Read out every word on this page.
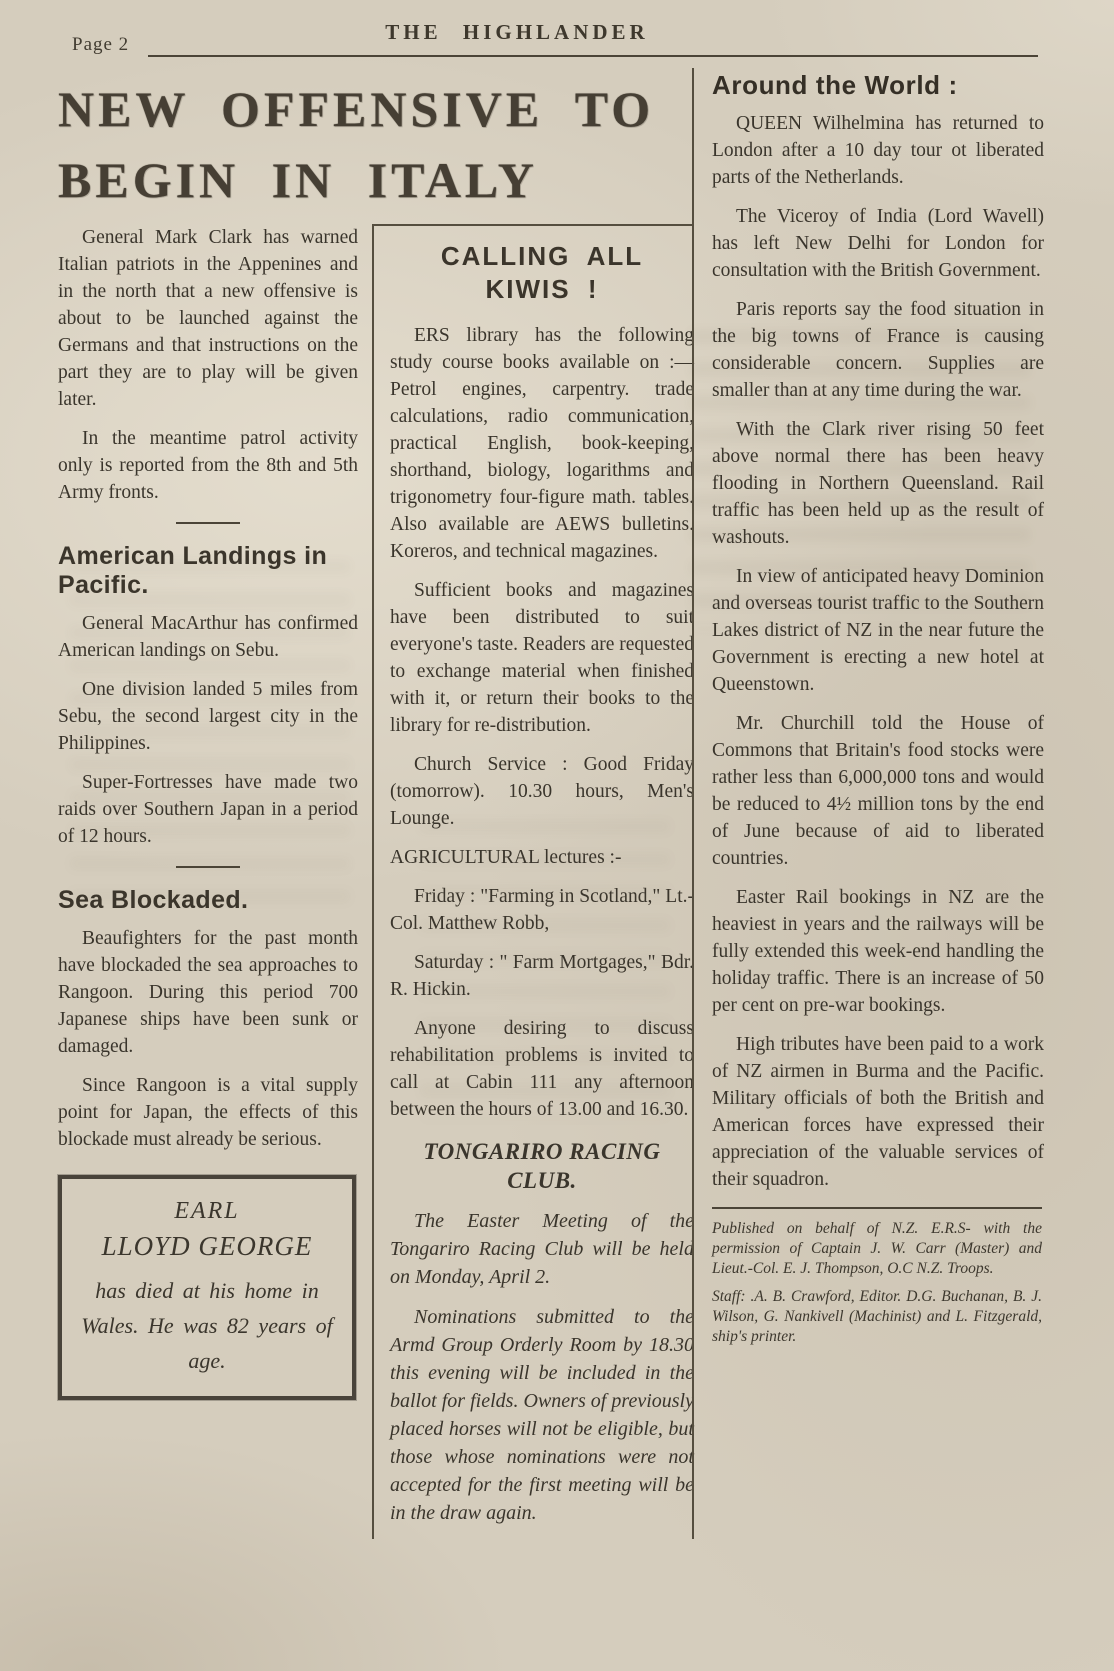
Page 2
THE HIGHLANDER
NEW OFFENSIVE TO
BEGIN IN ITALY

General Mark Clark has warned Italian patriots in the Appenines and in the north that a new offensive is about to be launched against the Germans and that instructions on the part they are to play will be given later.

In the meantime patrol activity only is reported from the 8th and 5th Army fronts.

American Landings in Pacific.

General MacArthur has confirmed American landings on Sebu.

One division landed 5 miles from Sebu, the second largest city in the Philippines.

Super-Fortresses have made two raids over Southern Japan in a period of 12 hours.

Sea Blockaded.

Beaufighters for the past month have blockaded the sea approaches to Rangoon. During this period 700 Japanese ships have been sunk or damaged.

Since Rangoon is a vital supply point for Japan, the effects of this blockade must already be serious.

EARL
LLOYD GEORGE
has died at his home in Wales. He was 82 years of age.
CALLING ALL
KIWIS !

ERS library has the following study course books available on :—Petrol engines, carpentry. trade calculations, radio communication, practical English, book-keeping, shorthand, biology, logarithms and trigonometry four-figure math. tables. Also available are AEWS bulletins. Koreros, and technical magazines.

Sufficient books and magazines have been distributed to suit everyone's taste. Readers are requested to exchange material when finished with it, or return their books to the library for re-distribution.

Church Service : Good Friday (tomorrow). 10.30 hours, Men's Lounge.

AGRICULTURAL lectures :-

Friday : "Farming in Scotland," Lt.-Col. Matthew Robb,

Saturday : " Farm Mortgages," Bdr. R. Hickin.

Anyone desiring to discuss rehabilitation problems is invited to call at Cabin 111 any afternoon between the hours of 13.00 and 16.30.

TONGARIRO RACING
CLUB.

The Easter Meeting of the Tongariro Racing Club will be held on Monday, April 2.

Nominations submitted to the Armd Group Orderly Room by 18.30 this evening will be included in the ballot for fields. Owners of previously placed horses will not be eligible, but those whose nominations were not accepted for the first meeting will be in the draw again.

Around the World :

QUEEN Wilhelmina has returned to London after a 10 day tour ot liberated parts of the Netherlands.

The Viceroy of India (Lord Wavell) has left New Delhi for London for consultation with the British Government.

Paris reports say the food situation in the big towns of France is causing considerable concern. Supplies are smaller than at any time during the war.

With the Clark river rising 50 feet above normal there has been heavy flooding in Northern Queensland. Rail traffic has been held up as the result of washouts.

In view of anticipated heavy Dominion and overseas tourist traffic to the Southern Lakes district of NZ in the near future the Government is erecting a new hotel at Queenstown.

Mr. Churchill told the House of Commons that Britain's food stocks were rather less than 6,000,000 tons and would be reduced to 4½ million tons by the end of June because of aid to liberated countries.

Easter Rail bookings in NZ are the heaviest in years and the railways will be fully extended this week-end handling the holiday traffic. There is an increase of 50 per cent on pre-war bookings.

High tributes have been paid to a work of NZ airmen in Burma and the Pacific. Military officials of both the British and American forces have expressed their appreciation of the valuable services of their squadron.

Published on behalf of N.Z. E.R.S- with the permission of Captain J. W. Carr (Master) and Lieut.-Col. E. J. Thompson, O.C N.Z. Troops.

Staff: .A. B. Crawford, Editor. D.G. Buchanan, B. J. Wilson, G. Nankivell (Machinist) and L. Fitzgerald, ship's printer.
